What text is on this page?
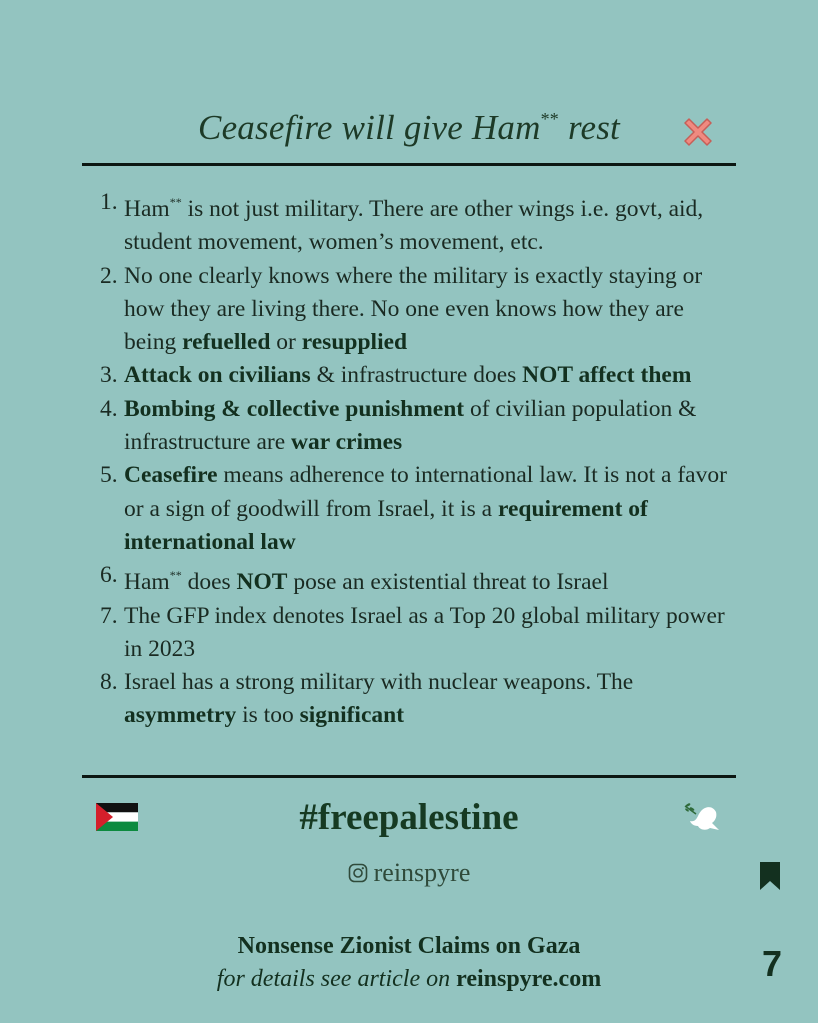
Ceasefire will give Ham** rest
1. Ham** is not just military. There are other wings i.e. govt, aid, student movement, women’s movement, etc.
2. No one clearly knows where the military is exactly staying or how they are living there. No one even knows how they are being refuelled or resupplied
3. Attack on civilians & infrastructure does NOT affect them
4. Bombing & collective punishment of civilian population & infrastructure are war crimes
5. Ceasefire means adherence to international law. It is not a favor or a sign of goodwill from Israel, it is a requirement of international law
6. Ham** does NOT pose an existential threat to Israel
7. The GFP index denotes Israel as a Top 20 global military power in 2023
8. Israel has a strong military with nuclear weapons. The asymmetry is too significant
#freepalestine
reinspyre
Nonsense Zionist Claims on Gaza
for details see article on reinspyre.com	7
